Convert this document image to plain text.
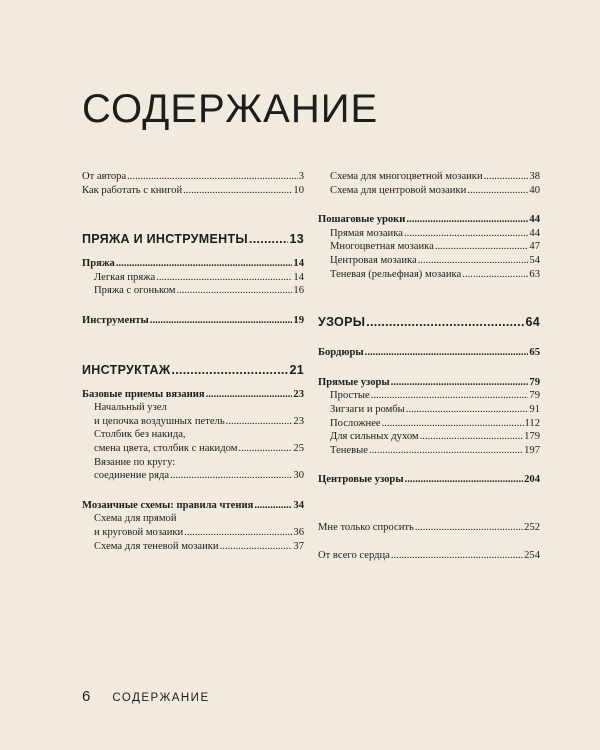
СОДЕРЖАНИЕ
От автора .....	3
Как работать с книгой .....	10
ПРЯЖА И ИНСТРУМЕНТЫ .....	13
Пряжа .....	14
Легкая пряжа .....	14
Пряжа с огоньком .....	16
Инструменты .....	19
ИНСТРУКТАЖ .....	21
Базовые приемы вязания .....	23
Начальный узел
и цепочка воздушных петель .....	23
Столбик без накида,
смена цвета, столбик с накидом .....	25
Вязание по кругу:
соединение ряда .....	30
Мозаичные схемы: правила чтения .....	34
Схема для прямой
и круговой мозаики .....	36
Схема для теневой мозаики .....	37
Схема для многоцветной мозаики .....	38
Схема для центровой мозаики .....	40
Пошаговые уроки .....	44
Прямая мозаика .....	44
Многоцветная мозаика .....	47
Центровая мозаика .....	54
Теневая (рельефная) мозаика .....	63
УЗОРЫ .....	64
Бордюры .....	65
Прямые узоры .....	79
Простые .....	79
Зигзаги и ромбы .....	91
Посложнее .....	112
Для сильных духом .....	179
Теневые .....	197
Центровые узоры .....	204
Мне только спросить .....	252
От всего сердца .....	254
6 СОДЕРЖАНИЕ
